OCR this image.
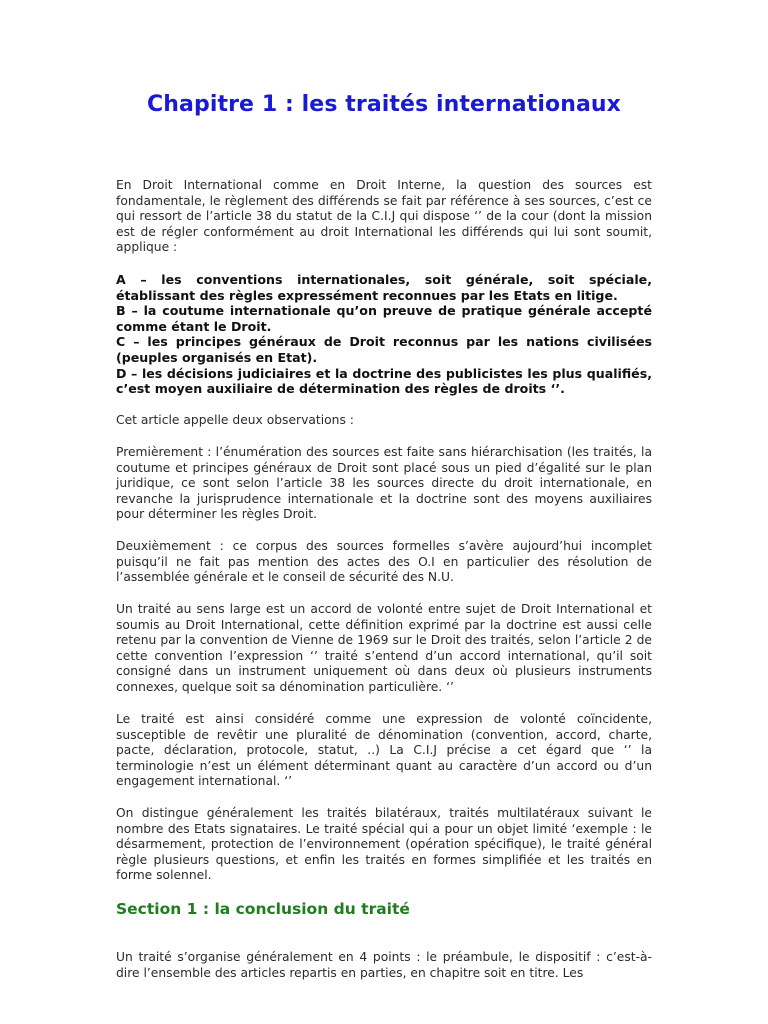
Chapitre 1 : les traités internationaux

En Droit International comme en Droit Interne, la question des sources est fondamentale, le règlement des différends se fait par référence à ses sources, c’est ce qui ressort de l’article 38 du statut de la C.I.J qui dispose ‘’ de la cour (dont la mission est de régler conformément au droit International les différends qui lui sont soumit, applique :

A – les conventions internationales, soit générale, soit spéciale, établissant des règles expressément reconnues par les Etats en litige.

B – la coutume internationale qu’on preuve de pratique générale accepté comme étant le Droit.

C – les principes généraux de Droit reconnus par les nations civilisées (peuples organisés en Etat).

D – les décisions judiciaires et la doctrine des publicistes les plus qualifiés, c’est moyen auxiliaire de détermination des règles de droits ‘’.

Cet article appelle deux observations :

Premièrement : l’énumération des sources est faite sans hiérarchisation (les traités, la coutume et principes généraux de Droit sont placé sous un pied d’égalité sur le plan juridique, ce sont selon l’article 38 les sources directe du droit internationale, en revanche la jurisprudence internationale et la doctrine sont des moyens auxiliaires pour déterminer les règles Droit.

Deuxièmement : ce corpus des sources formelles s’avère aujourd’hui incomplet puisqu’il ne fait pas mention des actes des O.I en particulier des résolution de l’assemblée générale et le conseil de sécurité des N.U.

Un traité au sens large est un accord de volonté entre sujet de Droit International et soumis au Droit International, cette définition exprimé par la doctrine est aussi celle retenu par la convention de Vienne de 1969 sur le Droit des traités, selon l’article 2 de cette convention l’expression ‘’ traité s’entend d’un accord international, qu’il soit consigné dans un instrument uniquement où dans deux où plusieurs instruments connexes, quelque soit sa dénomination particulière. ‘’

Le traité est ainsi considéré comme une expression de volonté coïncidente, susceptible de revêtir une pluralité de dénomination (convention, accord, charte, pacte, déclaration, protocole, statut, ..) La C.I.J précise a cet égard que ‘’ la terminologie n’est un élément déterminant quant au caractère d’un accord ou d’un engagement international. ‘’

On distingue généralement les traités bilatéraux, traités multilatéraux suivant le nombre des Etats signataires. Le traité spécial qui a pour un objet limité ‘exemple : le désarmement, protection de l’environnement (opération spécifique), le traité général règle plusieurs questions, et enfin les traités en formes simplifiée et les traités en forme solennel.

Section 1 : la conclusion du traité

Un traité s’organise généralement en 4 points : le préambule, le dispositif : c’est-à-dire l’ensemble des articles repartis en parties, en chapitre soit en titre. Les
